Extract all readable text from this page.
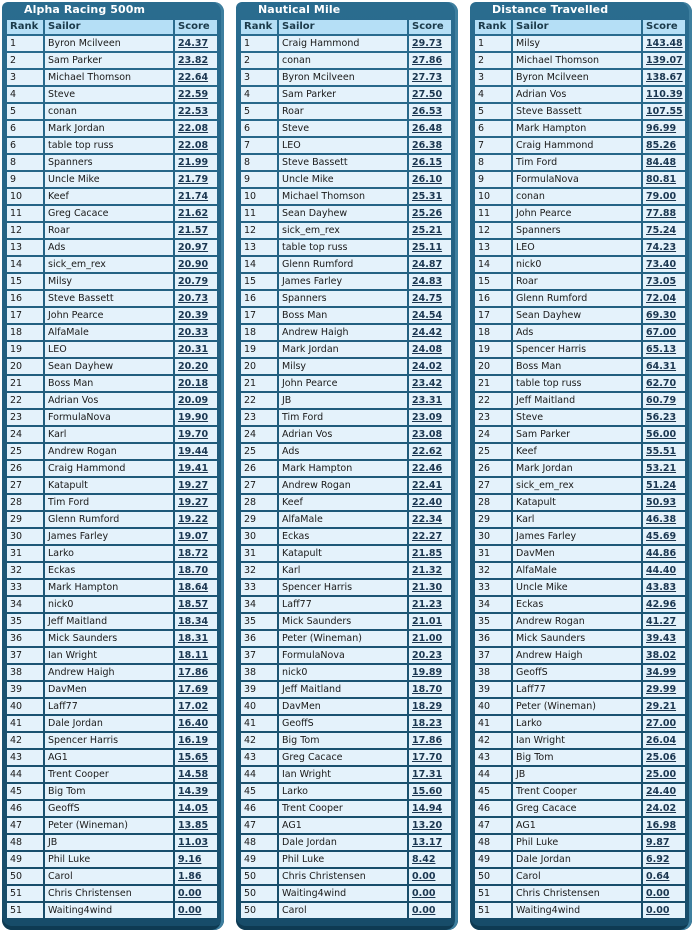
Alpha Racing 500m
Rank	Sailor	Score
1	Byron Mcilveen	24.37
2	Sam Parker	23.82
3	Michael Thomson	22.64
4	Steve	22.59
5	conan	22.53
6	Mark Jordan	22.08
6	table top russ	22.08
8	Spanners	21.99
9	Uncle Mike	21.79
10	Keef	21.74
11	Greg Cacace	21.62
12	Roar	21.57
13	Ads	20.97
14	sick_em_rex	20.90
15	Milsy	20.79
16	Steve Bassett	20.73
17	John Pearce	20.39
18	AlfaMale	20.33
19	LEO	20.31
20	Sean Dayhew	20.20
21	Boss Man	20.18
22	Adrian Vos	20.09
23	FormulaNova	19.90
24	Karl	19.70
25	Andrew Rogan	19.44
26	Craig Hammond	19.41
27	Katapult	19.27
28	Tim Ford	19.27
29	Glenn Rumford	19.22
30	James Farley	19.07
31	Larko	18.72
32	Eckas	18.70
33	Mark Hampton	18.64
34	nick0	18.57
35	Jeff Maitland	18.34
36	Mick Saunders	18.31
37	Ian Wright	18.11
38	Andrew Haigh	17.86
39	DavMen	17.69
40	Laff77	17.02
41	Dale Jordan	16.40
42	Spencer Harris	16.19
43	AG1	15.65
44	Trent Cooper	14.58
45	Big Tom	14.39
46	GeoffS	14.05
47	Peter (Wineman)	13.85
48	JB	11.03
49	Phil Luke	9.16
50	Carol	1.86
51	Chris Christensen	0.00
51	Waiting4wind	0.00
Nautical Mile
Rank	Sailor	Score
1	Craig Hammond	29.73
2	conan	27.86
3	Byron Mcilveen	27.73
4	Sam Parker	27.50
5	Roar	26.53
6	Steve	26.48
7	LEO	26.38
8	Steve Bassett	26.15
9	Uncle Mike	26.10
10	Michael Thomson	25.31
11	Sean Dayhew	25.26
12	sick_em_rex	25.21
13	table top russ	25.11
14	Glenn Rumford	24.87
15	James Farley	24.83
16	Spanners	24.75
17	Boss Man	24.54
18	Andrew Haigh	24.42
19	Mark Jordan	24.08
20	Milsy	24.02
21	John Pearce	23.42
22	JB	23.31
23	Tim Ford	23.09
24	Adrian Vos	23.08
25	Ads	22.62
26	Mark Hampton	22.46
27	Andrew Rogan	22.41
28	Keef	22.40
29	AlfaMale	22.34
30	Eckas	22.27
31	Katapult	21.85
32	Karl	21.32
33	Spencer Harris	21.30
34	Laff77	21.23
35	Mick Saunders	21.01
36	Peter (Wineman)	21.00
37	FormulaNova	20.23
38	nick0	19.89
39	Jeff Maitland	18.70
40	DavMen	18.29
41	GeoffS	18.23
42	Big Tom	17.86
43	Greg Cacace	17.70
44	Ian Wright	17.31
45	Larko	15.60
46	Trent Cooper	14.94
47	AG1	13.20
48	Dale Jordan	13.17
49	Phil Luke	8.42
50	Chris Christensen	0.00
50	Waiting4wind	0.00
50	Carol	0.00
Distance Travelled
Rank	Sailor	Score
1	Milsy	143.48
2	Michael Thomson	139.07
3	Byron Mcilveen	138.67
4	Adrian Vos	110.39
5	Steve Bassett	107.55
6	Mark Hampton	96.99
7	Craig Hammond	85.26
8	Tim Ford	84.48
9	FormulaNova	80.81
10	conan	79.00
11	John Pearce	77.88
12	Spanners	75.24
13	LEO	74.23
14	nick0	73.40
15	Roar	73.05
16	Glenn Rumford	72.04
17	Sean Dayhew	69.30
18	Ads	67.00
19	Spencer Harris	65.13
20	Boss Man	64.31
21	table top russ	62.70
22	Jeff Maitland	60.79
23	Steve	56.23
24	Sam Parker	56.00
25	Keef	55.51
26	Mark Jordan	53.21
27	sick_em_rex	51.24
28	Katapult	50.93
29	Karl	46.38
30	James Farley	45.69
31	DavMen	44.86
32	AlfaMale	44.40
33	Uncle Mike	43.83
34	Eckas	42.96
35	Andrew Rogan	41.27
36	Mick Saunders	39.43
37	Andrew Haigh	38.02
38	GeoffS	34.99
39	Laff77	29.99
40	Peter (Wineman)	29.21
41	Larko	27.00
42	Ian Wright	26.04
43	Big Tom	25.06
44	JB	25.00
45	Trent Cooper	24.40
46	Greg Cacace	24.02
47	AG1	16.98
48	Phil Luke	9.87
49	Dale Jordan	6.92
50	Carol	0.64
51	Chris Christensen	0.00
51	Waiting4wind	0.00
